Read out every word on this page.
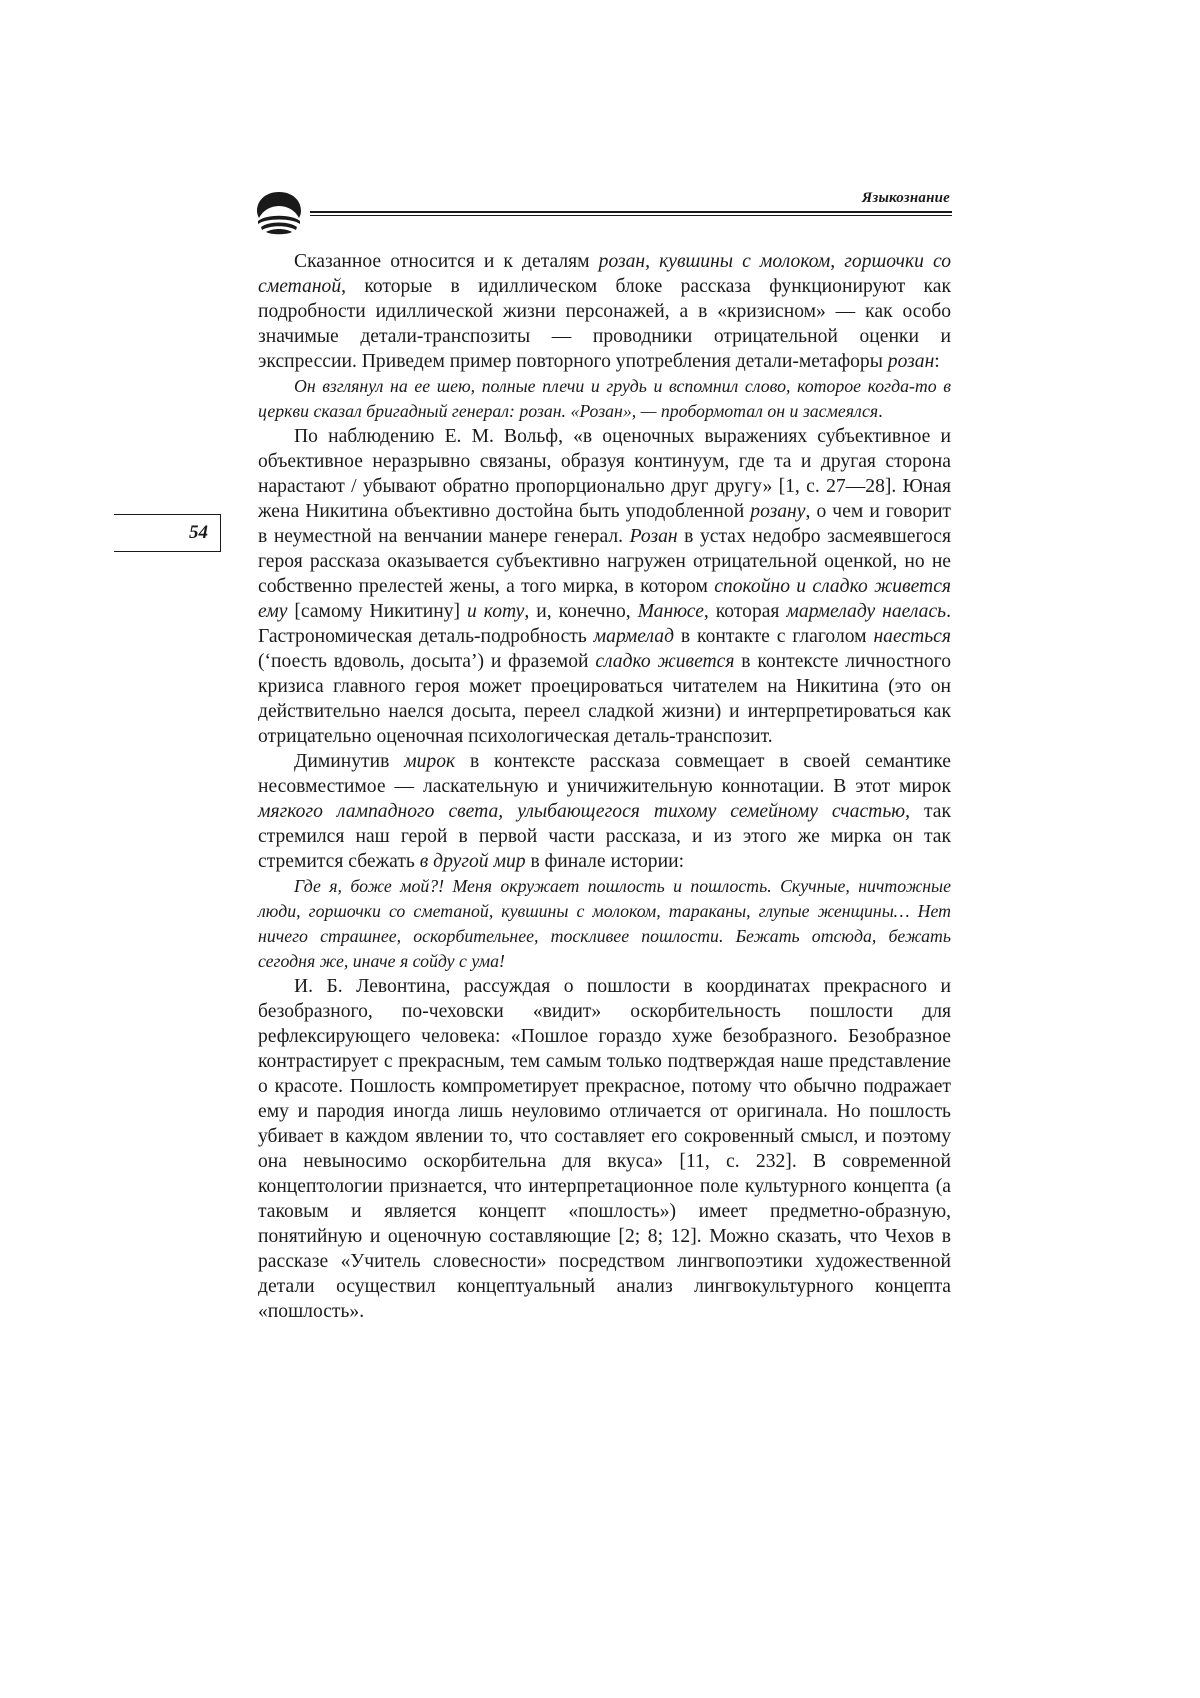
Языкознание
54

Сказанное относится и к деталям розан, кувшины с молоком, горшочки со сметаной, которые в идиллическом блоке рассказа функционируют как подробности идиллической жизни персонажей, а в «кризисном» — как особо значимые детали-транспозиты — проводники отрицательной оценки и экспрессии. Приведем пример повторного употребления детали-метафоры розан:

Он взглянул на ее шею, полные плечи и грудь и вспомнил слово, которое когда-то в церкви сказал бригадный генерал: розан. «Розан», — пробормотал он и засмеялся.

По наблюдению Е. М. Вольф, «в оценочных выражениях субъективное и объективное неразрывно связаны, образуя континуум, где та и другая сторона нарастают / убывают обратно пропорционально друг другу» [1, с. 27—28]. Юная жена Никитина объективно достойна быть уподобленной розану, о чем и говорит в неуместной на венчании манере генерал. Розан в устах недобро засмеявшегося героя рассказа оказывается субъективно нагружен отрицательной оценкой, но не собственно прелестей жены, а того мирка, в котором спокойно и сладко живется ему [самому Никитину] и коту, и, конечно, Манюсе, которая мармеладу наелась. Гастрономическая деталь-подробность мармелад в контакте с глаголом наесться (‘поесть вдоволь, досыта’) и фраземой сладко живется в контексте личностного кризиса главного героя может проецироваться читателем на Никитина (это он действительно наелся досыта, переел сладкой жизни) и интерпретироваться как отрицательно оценочная психологическая деталь-транспозит.

Диминутив мирок в контексте рассказа совмещает в своей семантике несовместимое — ласкательную и уничижительную коннотации. В этот мирок мягкого лампадного света, улыбающегося тихому семейному счастью, так стремился наш герой в первой части рассказа, и из этого же мирка он так стремится сбежать в другой мир в финале истории:

Где я, боже мой?! Меня окружает пошлость и пошлость. Скучные, ничтожные люди, горшочки со сметаной, кувшины с молоком, тараканы, глупые женщины… Нет ничего страшнее, оскорбительнее, тоскливее пошлости. Бежать отсюда, бежать сегодня же, иначе я сойду с ума!

И. Б. Левонтина, рассуждая о пошлости в координатах прекрасного и безобразного, по-чеховски «видит» оскорбительность пошлости для рефлексирующего человека: «Пошлое гораздо хуже безобразного. Безобразное контрастирует с прекрасным, тем самым только подтверждая наше представление о красоте. Пошлость компрометирует прекрасное, потому что обычно подражает ему и пародия иногда лишь неуловимо отличается от оригинала. Но пошлость убивает в каждом явлении то, что составляет его сокровенный смысл, и поэтому она невыносимо оскорбительна для вкуса» [11, с. 232]. В современной концептологии признается, что интерпретационное поле культурного концепта (а таковым и является концепт «пошлость») имеет предметно-образную, понятийную и оценочную составляющие [2; 8; 12]. Можно сказать, что Чехов в рассказе «Учитель словесности» посредством лингвопоэтики художественной детали осуществил концептуальный анализ лингвокультурного концепта «пошлость».
